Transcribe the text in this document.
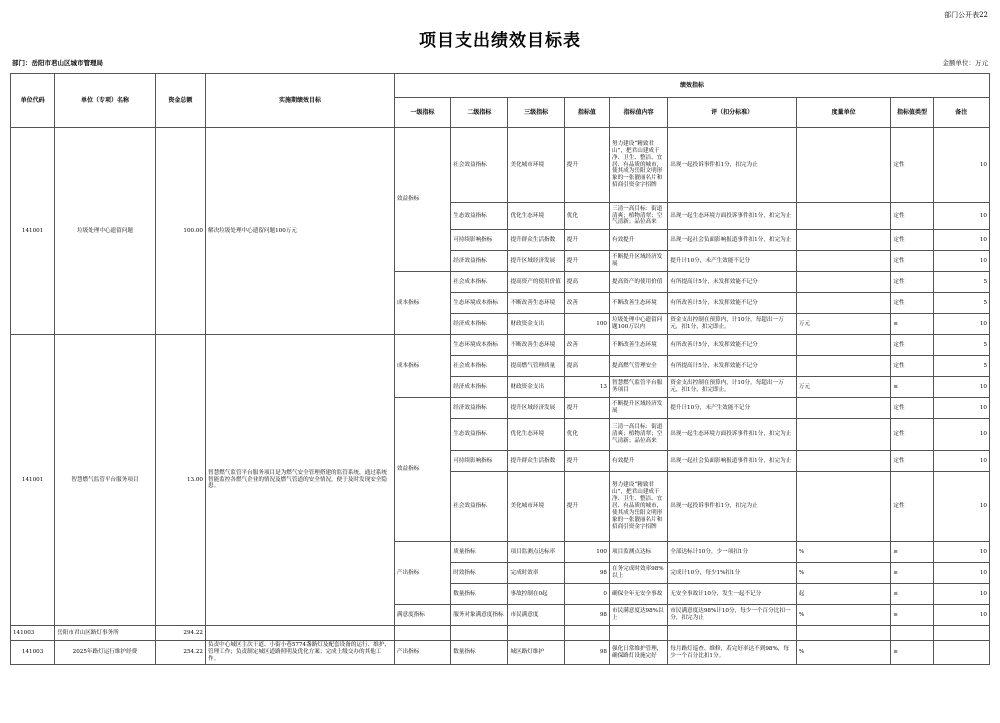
部门公开表22
项目支出绩效目标表
部门：岳阳市君山区城市管理局	金额单位：万元
单位代码	单位（专项）名称	资金总额	实施期绩效目标	绩效指标								
				一级指标	二级指标	三级指标	指标值	指标值内容	评（扣分标准）	度量单位	指标值类型	备注
141001	垃圾处理中心遗留问题	100.00	解决垃圾处理中心遗留问题100万元	效益指标	社会效益指标	美化城市环境	提升	努力建设“精致君山”，把君山建成干净、卫生、整洁、宜居、有品质的城市，使其成为岳阳文明形象的一张靓丽名片和招商引资金字招牌	出现一起投诉事件扣1分，扣完为止		定性	10
					生态效益指标	优化生态环境	优化	三清一高目标：街道清爽；植物清翠；空气清新；品位高来	出现一起生态环境方面投诉事件扣1分，扣完为止		定性	10
					可持续影响指标	提升群众生活指数	提升	有效提升	出现一起社会负面影响报道事件扣1分，扣完为止		定性	10
					经济效益指标	提升区域经济发展	提升	不断提升区域经济发展	提升计10分，未产生效能不记分		定性	10
				成本指标	社会成本指标	提高资产的使用价值	提高	提高资产的使用价值	有所提高计5分，未发挥效能不记分		定性	5
					生态环境成本指标	不断改善生态环境	改善	不断改善生态环境	有所改善计5分，未发挥效能不记分		定性	5
					经济成本指标	财政资金支出	100	垃圾处理中心遗留问题100万以内	资金支出控制在预算内，计10分，每超出一万元，扣1分，扣完即止。	万元	≤	10
141001	智慧燃气监管平台服务项目	13.00	智慧燃气监管平台服务项目是为燃气安全管理搭建的监管系统，通过系统智能监控各燃气企业的情况及燃气管道的安全情况，便于及时发现安全隐患。	成本指标	生态环境成本指标	不断改善生态环境	改善	不断改善生态环境	有所改善计5分，未发挥效能不记分		定性	5
					社会成本指标	提高燃气管理质量	提高	提高燃气管理安全	有所提高计5分，未发挥效能不记分		定性	5
					经济成本指标	财政资金支出	13	智慧燃气监管平台服务项目	资金支出控制在预算内，计10分，每超出一万元，扣1分，扣完即止。	万元	≤	10
				效益指标	经济效益指标	提升区域经济发展	提升	不断提升区域经济发展	提升计10分，未产生效能不记分		定性	10
					生态效益指标	优化生态环境	优化	三清一高目标：街道清爽；植物清翠；空气清新；品位高来	出现一起生态环境方面投诉事件扣1分，扣完为止		定性	10
					可持续影响指标	提升群众生活指数	提升	有效提升	出现一起社会负面影响报道事件扣1分，扣完为止		定性	10
					社会效益指标	美化城市环境	提升	努力建设“精致君山”，把君山建成干净、卫生、整洁、宜居、有品质的城市，使其成为岳阳文明形象的一张靓丽名片和招商引资金字招牌	出现一起投诉事件扣1分，扣完为止		定性	10
				产出指标	质量指标	项目监测点达标率	100	项目监测点达标	全部达标计10分，少一项扣1分	%	≥	10
					时效指标	完成时效率	98	在务完成时效率98%以上	完成计10分，每少1%扣1分	%	≥	10
					数量指标	事故控制在0起	0	确保全年无安全事故	无安全事故计10分，发生一起不记分	起	≤	10
				满意度指标	服务对象满意度指标	市民满意度	98	市民满意度达98%以上	市民满意度达98%计10分，每少一个百分比扣一分，扣完为止	%	≥	10
141003	岳阳市君山区路灯事务所	294.22										
141003	2025年路灯运行维护经费	254.22	负责中心城区主次干道、小街小巷5774盏路灯及配套设备的运行、维护、管理工作；负责制定城区道路照明及优化方案；完成上级交办的其他工作。	产出指标	数量指标	城区路灯维护	98	强化日常维护管理，确保路灯设施完好	每月路灯巡查、维修，若完好率达不到98%，每少一个百分比扣1分。	%	≥	
